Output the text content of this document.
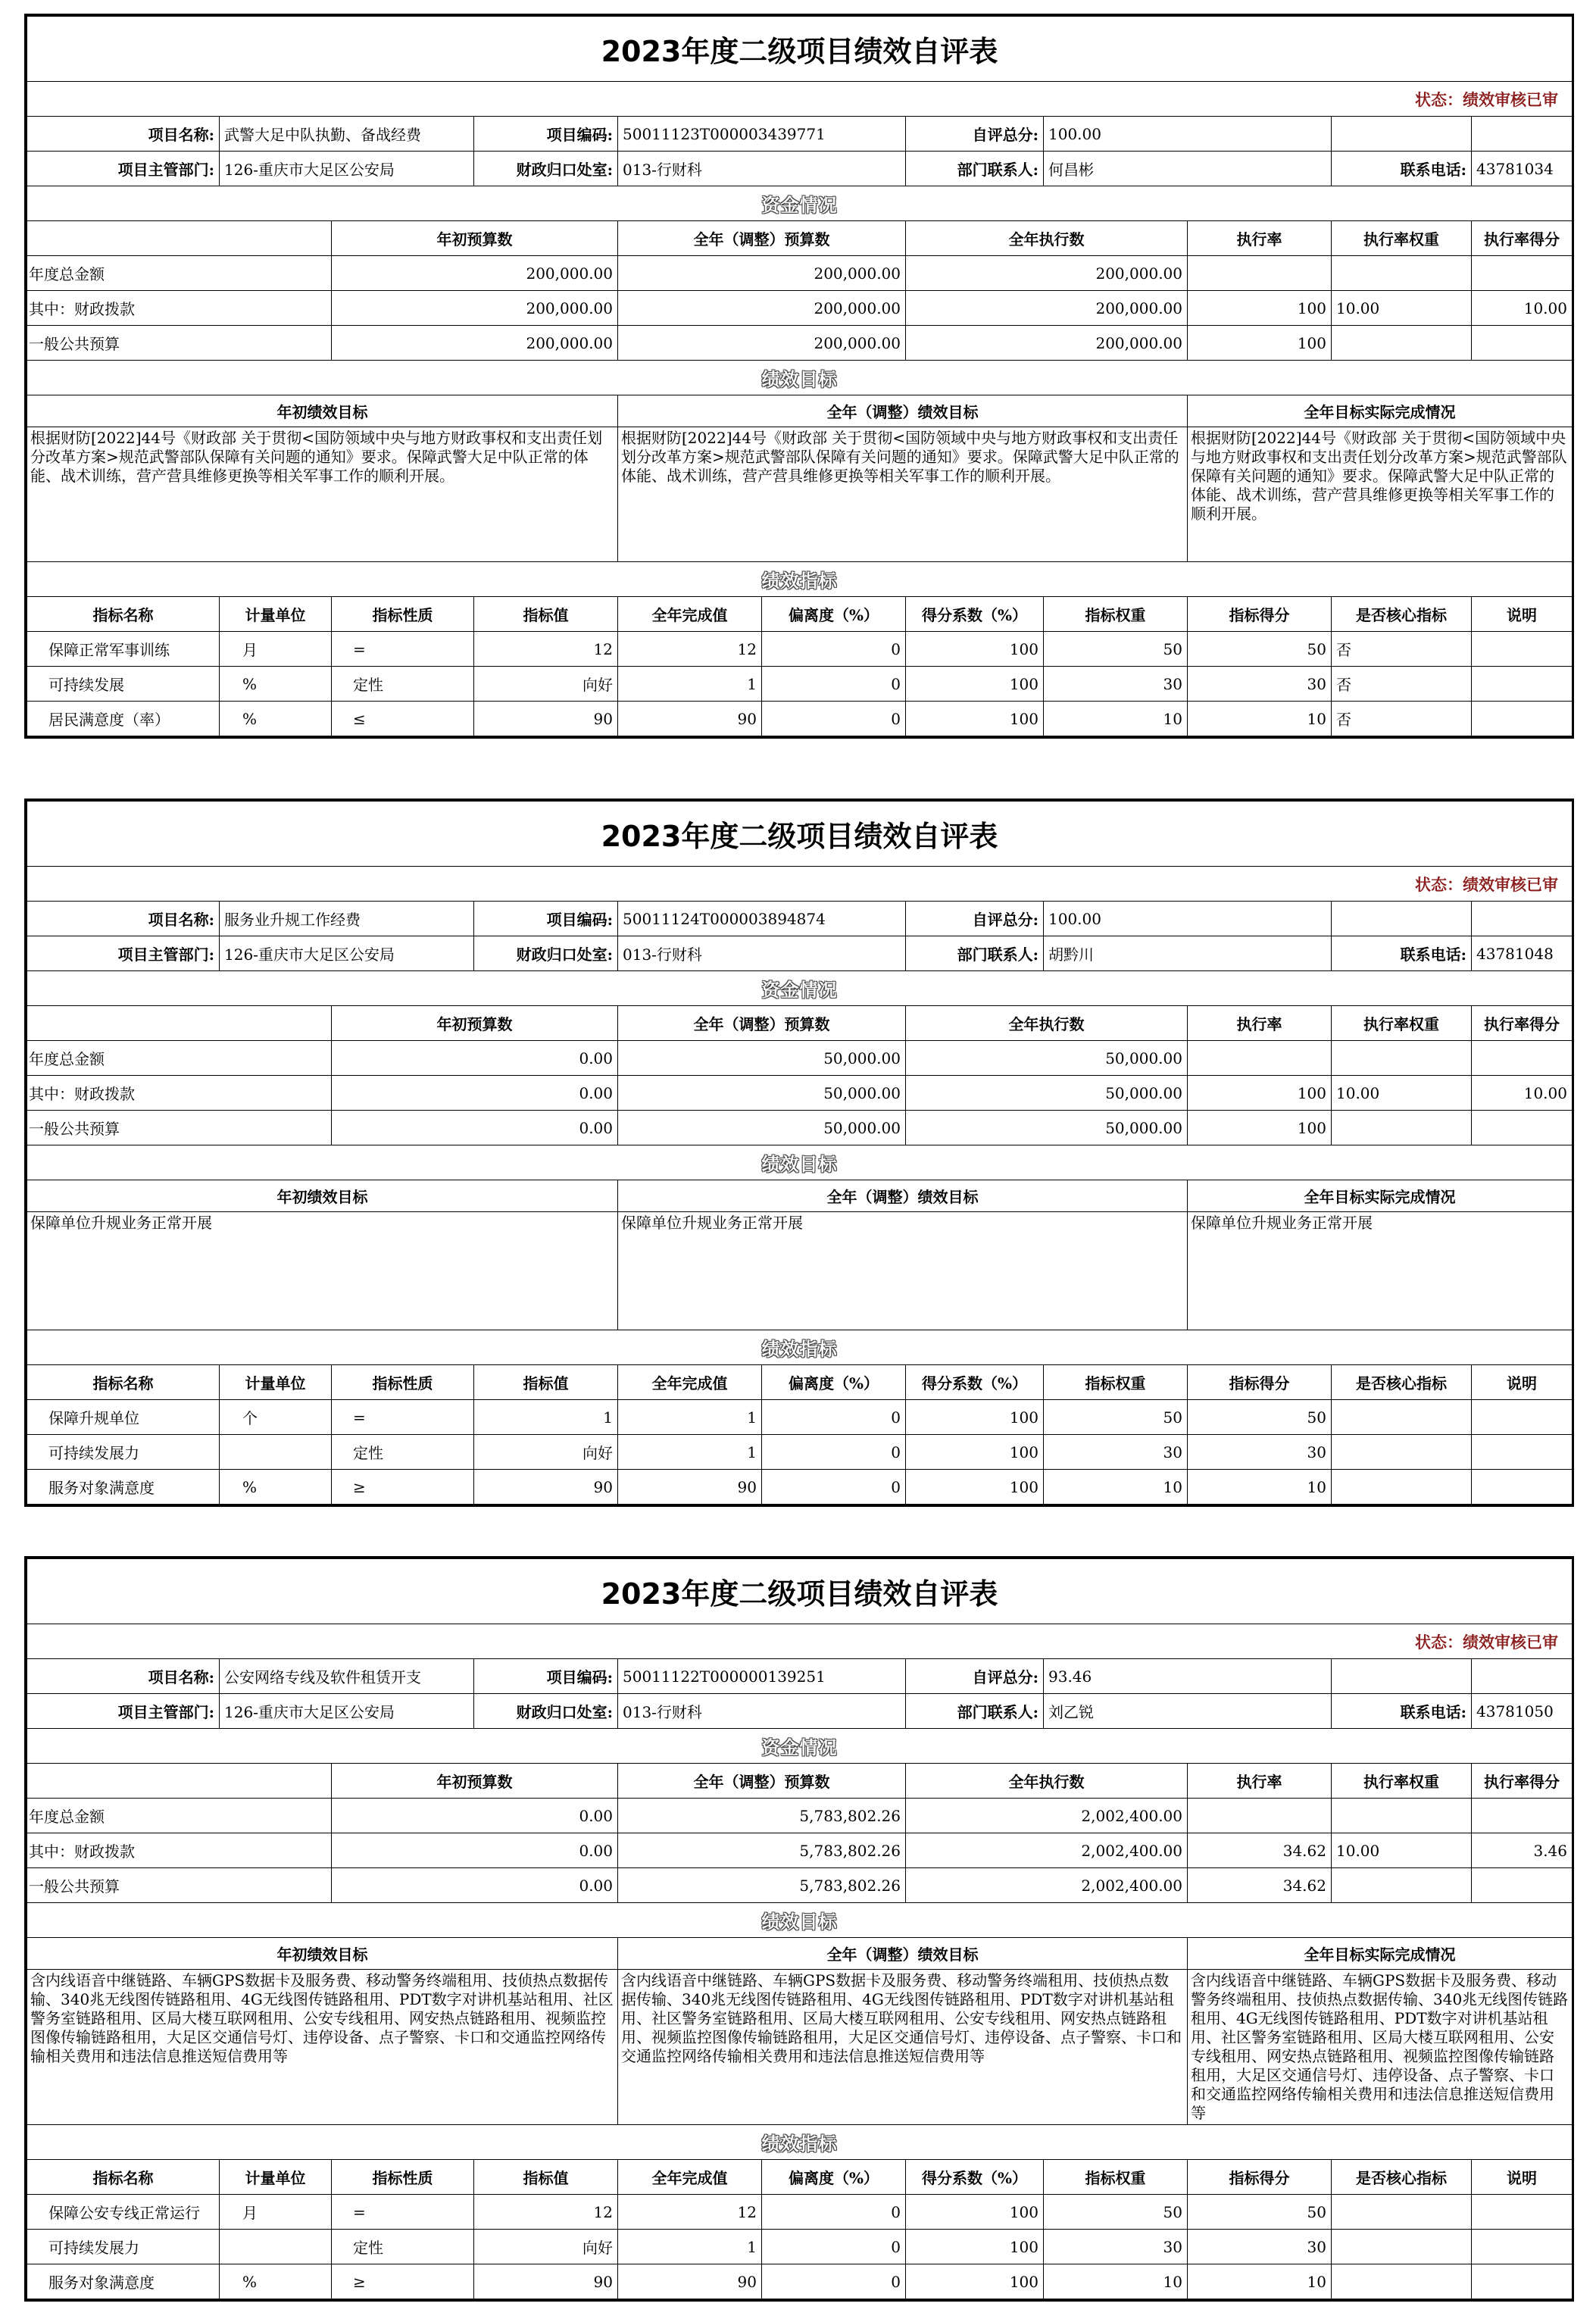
2023年度二级项目绩效自评表										
状态：绩效审核已审										
项目名称:	武警大足中队执勤、备战经费		项目编码:	50011123T000003439771		自评总分:	100.00			
项目主管部门:	126-重庆市大足区公安局		财政归口处室:	013-行财科		部门联系人:	何昌彬		联系电话:	43781034
资金情况										
		年初预算数		全年（调整）预算数		全年执行数		执行率	执行率权重	执行率得分
年度总金额		200,000.00		200,000.00		200,000.00				
其中：财政拨款		200,000.00		200,000.00		200,000.00		100	10.00	10.00
一般公共预算		200,000.00		200,000.00		200,000.00		100		
绩效目标										
年初绩效目标				全年（调整）绩效目标				全年目标实际完成情况		
根据财防[2022]44号《财政部 关于贯彻<国防领域中央与地方财政事权和支出责任划分改革方案>规范武警部队保障有关问题的通知》要求。保障武警大足中队正常的体能、战术训练，营产营具维修更换等相关军事工作的顺利开展。				根据财防[2022]44号《财政部 关于贯彻<国防领域中央与地方财政事权和支出责任划分改革方案>规范武警部队保障有关问题的通知》要求。保障武警大足中队正常的体能、战术训练，营产营具维修更换等相关军事工作的顺利开展。				根据财防[2022]44号《财政部 关于贯彻<国防领域中央与地方财政事权和支出责任划分改革方案>规范武警部队保障有关问题的通知》要求。保障武警大足中队正常的体能、战术训练，营产营具维修更换等相关军事工作的顺利开展。		
绩效指标										
指标名称	计量单位	指标性质	指标值	全年完成值	偏离度（%）	得分系数（%）	指标权重	指标得分	是否核心指标	说明
保障正常军事训练	月	=	12	12	0	100	50	50	否	
可持续发展	%	定性	向好	1	0	100	30	30	否	
居民满意度（率）	%	≤	90	90	0	100	10	10	否	
2023年度二级项目绩效自评表										
状态：绩效审核已审										
项目名称:	服务业升规工作经费		项目编码:	50011124T000003894874		自评总分:	100.00			
项目主管部门:	126-重庆市大足区公安局		财政归口处室:	013-行财科		部门联系人:	胡黔川		联系电话:	43781048
资金情况										
		年初预算数		全年（调整）预算数		全年执行数		执行率	执行率权重	执行率得分
年度总金额		0.00		50,000.00		50,000.00				
其中：财政拨款		0.00		50,000.00		50,000.00		100	10.00	10.00
一般公共预算		0.00		50,000.00		50,000.00		100		
绩效目标										
年初绩效目标				全年（调整）绩效目标				全年目标实际完成情况		
保障单位升规业务正常开展				保障单位升规业务正常开展				保障单位升规业务正常开展		
绩效指标										
指标名称	计量单位	指标性质	指标值	全年完成值	偏离度（%）	得分系数（%）	指标权重	指标得分	是否核心指标	说明
保障升规单位	个	=	1	1	0	100	50	50		
可持续发展力		定性	向好	1	0	100	30	30		
服务对象满意度	%	≥	90	90	0	100	10	10		
2023年度二级项目绩效自评表										
状态：绩效审核已审										
项目名称:	公安网络专线及软件租赁开支		项目编码:	50011122T000000139251		自评总分:	93.46			
项目主管部门:	126-重庆市大足区公安局		财政归口处室:	013-行财科		部门联系人:	刘乙锐		联系电话:	43781050
资金情况										
		年初预算数		全年（调整）预算数		全年执行数		执行率	执行率权重	执行率得分
年度总金额		0.00		5,783,802.26		2,002,400.00				
其中：财政拨款		0.00		5,783,802.26		2,002,400.00		34.62	10.00	3.46
一般公共预算		0.00		5,783,802.26		2,002,400.00		34.62		
绩效目标										
年初绩效目标				全年（调整）绩效目标				全年目标实际完成情况		
含内线语音中继链路、车辆GPS数据卡及服务费、移动警务终端租用、技侦热点数据传输、340兆无线图传链路租用、4G无线图传链路租用、PDT数字对讲机基站租用、社区警务室链路租用、区局大楼互联网租用、公安专线租用、网安热点链路租用、视频监控图像传输链路租用，大足区交通信号灯、违停设备、点子警察、卡口和交通监控网络传输相关费用和违法信息推送短信费用等				含内线语音中继链路、车辆GPS数据卡及服务费、移动警务终端租用、技侦热点数据传输、340兆无线图传链路租用、4G无线图传链路租用、PDT数字对讲机基站租用、社区警务室链路租用、区局大楼互联网租用、公安专线租用、网安热点链路租用、视频监控图像传输链路租用，大足区交通信号灯、违停设备、点子警察、卡口和交通监控网络传输相关费用和违法信息推送短信费用等				含内线语音中继链路、车辆GPS数据卡及服务费、移动警务终端租用、技侦热点数据传输、340兆无线图传链路租用、4G无线图传链路租用、PDT数字对讲机基站租用、社区警务室链路租用、区局大楼互联网租用、公安专线租用、网安热点链路租用、视频监控图像传输链路租用，大足区交通信号灯、违停设备、点子警察、卡口和交通监控网络传输相关费用和违法信息推送短信费用等		
绩效指标										
指标名称	计量单位	指标性质	指标值	全年完成值	偏离度（%）	得分系数（%）	指标权重	指标得分	是否核心指标	说明
保障公安专线正常运行	月	=	12	12	0	100	50	50		
可持续发展力		定性	向好	1	0	100	30	30		
服务对象满意度	%	≥	90	90	0	100	10	10		
